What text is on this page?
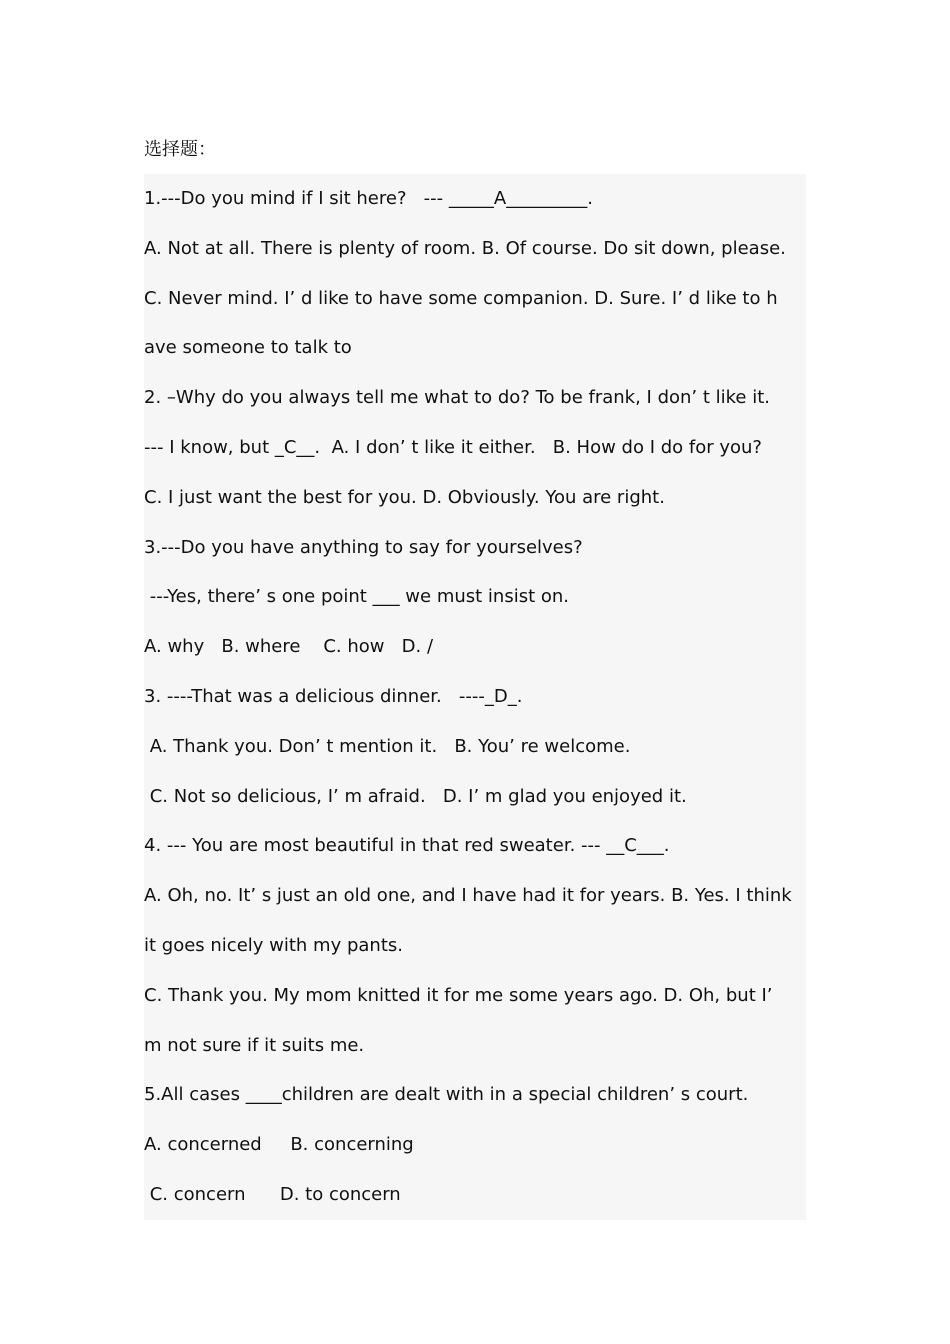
选择题：
1.---Do you mind if I sit here?   --- _____A_________.
A. Not at all. There is plenty of room. B. Of course. Do sit down, please.
C. Never mind. I’ d like to have some companion. D. Sure. I’ d like to h
ave someone to talk to
2. –Why do you always tell me what to do? To be frank, I don’ t like it.
--- I know, but _C__.  A. I don’ t like it either.   B. How do I do for you?
C. I just want the best for you. D. Obviously. You are right.
3.---Do you have anything to say for yourselves?
---Yes, there’ s one point ___ we must insist on.
A. why   B. where    C. how   D. /
3. ----That was a delicious dinner.   ----_D_.
A. Thank you. Don’ t mention it.   B. You’ re welcome.
C. Not so delicious, I’ m afraid.   D. I’ m glad you enjoyed it.
4. --- You are most beautiful in that red sweater. --- __C___.
A. Oh, no. It’ s just an old one, and I have had it for years. B. Yes. I think
it goes nicely with my pants.
C. Thank you. My mom knitted it for me some years ago. D. Oh, but I’
m not sure if it suits me.
5.All cases ____children are dealt with in a special children’ s court.
A. concerned     B. concerning
C. concern      D. to concern
